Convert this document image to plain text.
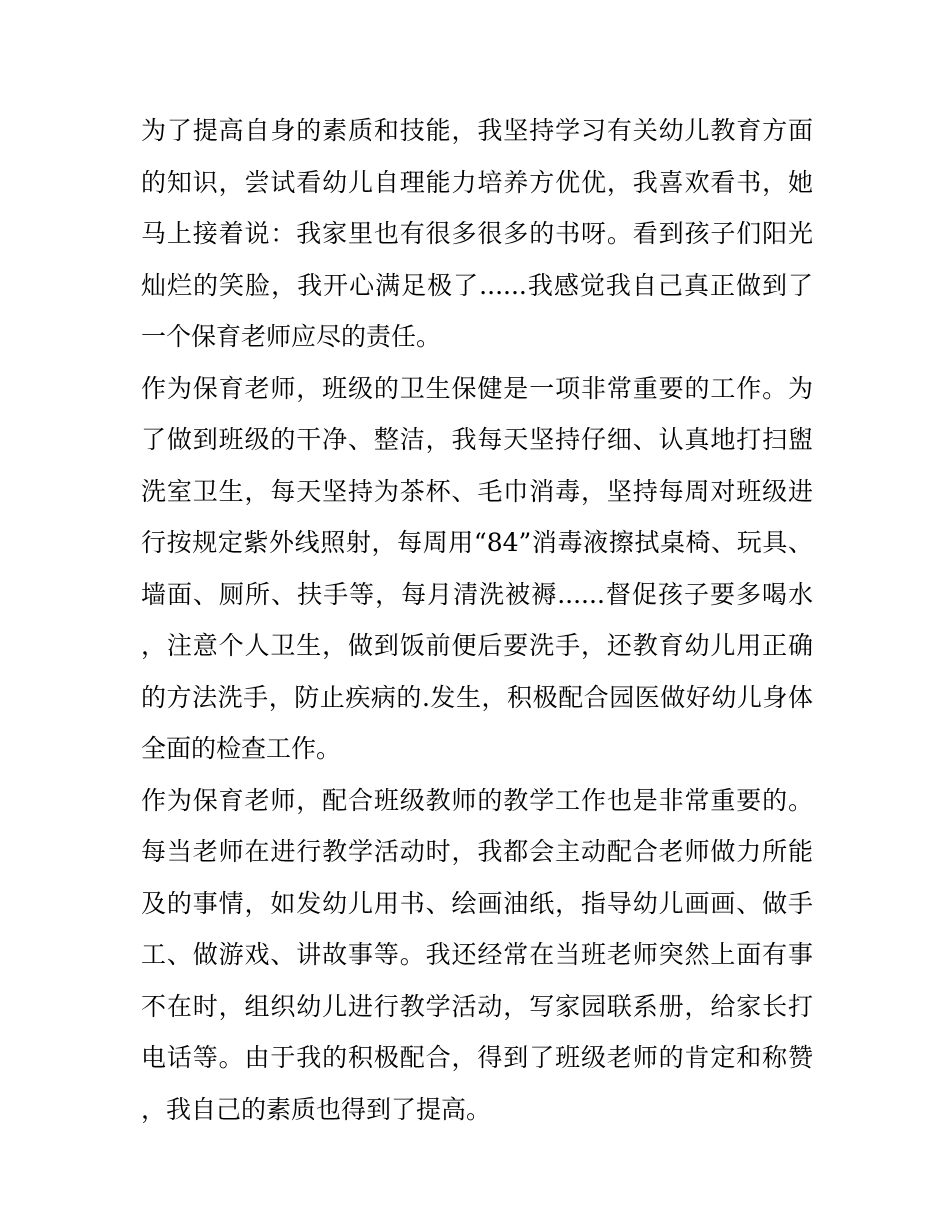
为了提高自身的素质和技能，我坚持学习有关幼儿教育方面的知识，尝试看幼儿自理能力培养方优优，我喜欢看书，她马上接着说：我家里也有很多很多的书呀。看到孩子们阳光灿烂的笑脸，我开心满足极了......我感觉我自己真正做到了一个保育老师应尽的责任。

作为保育老师，班级的卫生保健是一项非常重要的工作。为了做到班级的干净、整洁，我每天坚持仔细、认真地打扫盥洗室卫生，每天坚持为茶杯、毛巾消毒，坚持每周对班级进行按规定紫外线照射，每周用“84”消毒液擦拭桌椅、玩具、墙面、厕所、扶手等，每月清洗被褥......督促孩子要多喝水，注意个人卫生，做到饭前便后要洗手，还教育幼儿用正确的方法洗手，防止疾病的.发生，积极配合园医做好幼儿身体全面的检查工作。

作为保育老师，配合班级教师的教学工作也是非常重要的。每当老师在进行教学活动时，我都会主动配合老师做力所能及的事情，如发幼儿用书、绘画油纸，指导幼儿画画、做手工、做游戏、讲故事等。我还经常在当班老师突然上面有事不在时，组织幼儿进行教学活动，写家园联系册，给家长打电话等。由于我的积极配合，得到了班级老师的肯定和称赞，我自己的素质也得到了提高。
